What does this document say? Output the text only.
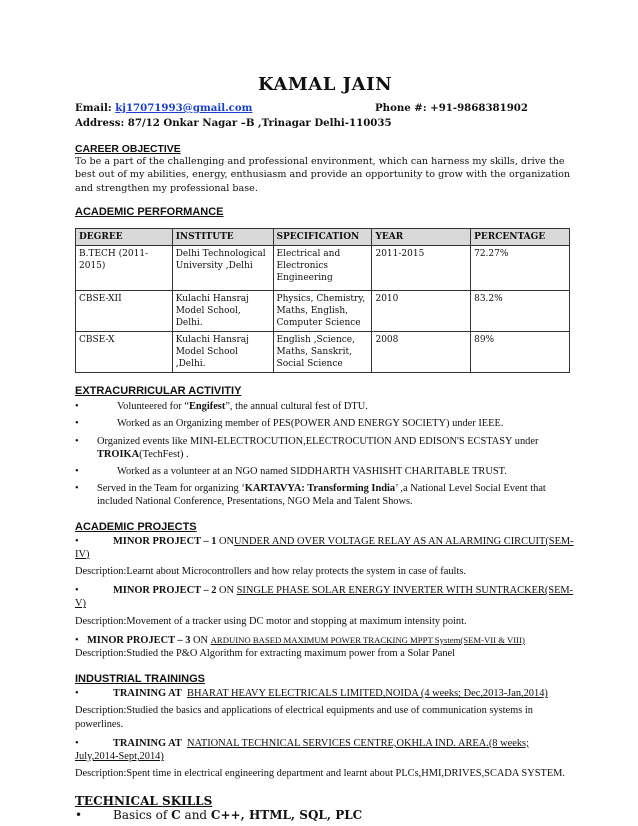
KAMAL JAIN
Email: kj17071993@gmail.com	Phone #: +91-9868381902
Address: 87/12 Onkar Nagar –B ,Trinagar Delhi-110035
CAREER OBJECTIVE

To be a part of the challenging and professional environment, which can harness my skills, drive the best out of my abilities, energy, enthusiasm and provide an opportunity to grow with the organization and strengthen my professional base.

ACADEMIC PERFORMANCE
DEGREE	INSTITUTE	SPECIFICATION	YEAR	PERCENTAGE
B.TECH (2011-2015)	Delhi Technological University ,Delhi	Electrical and Electronics Engineering	2011-2015	72.27%
CBSE-XII	Kulachi Hansraj Model School, Delhi.	Physics, Chemistry, Maths, English, Computer Science	2010	83.2%
CBSE-X	Kulachi Hansraj Model School ,Delhi.	English ,Science, Maths, Sanskrit, Social Science	2008	89%
EXTRACURRICULAR ACTIVITIY
•	Volunteered for “Engifest”, the annual cultural fest of DTU.
•	Worked as an Organizing member of PES(POWER AND ENERGY SOCIETY) under IEEE.
• Organized events like MINI-ELECTROCUTION,ELECTROCUTION AND EDISON'S ECSTASY under TROIKA(TechFest) .
•	Worked as a volunteer at an NGO named SIDDHARTH VASHISHT CHARITABLE TRUST.
• Served in the Team for organizing ‘KARTAVYA: Transforming India’ ,a National Level Social Event that included National Conference, Presentations, NGO Mela and Talent Shows.
ACADEMIC PROJECTS

•	MINOR PROJECT – 1 ONUNDER AND OVER VOLTAGE RELAY AS AN ALARMING CIRCUIT(SEM-IV)

Description:Learnt about Microcontrollers and how relay protects the system in case of faults.

•	MINOR PROJECT – 2 ON SINGLE PHASE SOLAR ENERGY INVERTER WITH SUNTRACKER(SEM-V)

Description:Movement of a tracker using DC motor and stopping at maximum intensity point.

• MINOR PROJECT – 3 ON ARDUINO BASED MAXIMUM POWER TRACKING MPPT System(SEM-VII & VIII)

Description:Studied the P&O Algorithm for extracting maximum power from a Solar Panel

INDUSTRIAL TRAININGS

•	TRAINING AT BHARAT HEAVY ELECTRICALS LIMITED,NOIDA (4 weeks; Dec,2013-Jan,2014)

Description:Studied the basics and applications of electrical equipments and use of communication systems in powerlines.

•	TRAINING AT NATIONAL TECHNICAL SERVICES CENTRE,OKHLA IND. AREA.(8 weeks; July,2014-Sept,2014)

Description:Spent time in electrical engineering department and learnt about PLCs,HMI,DRIVES,SCADA SYSTEM.

TECHNICAL SKILLS

•	Basics of C and C++, HTML, SQL, PLC
